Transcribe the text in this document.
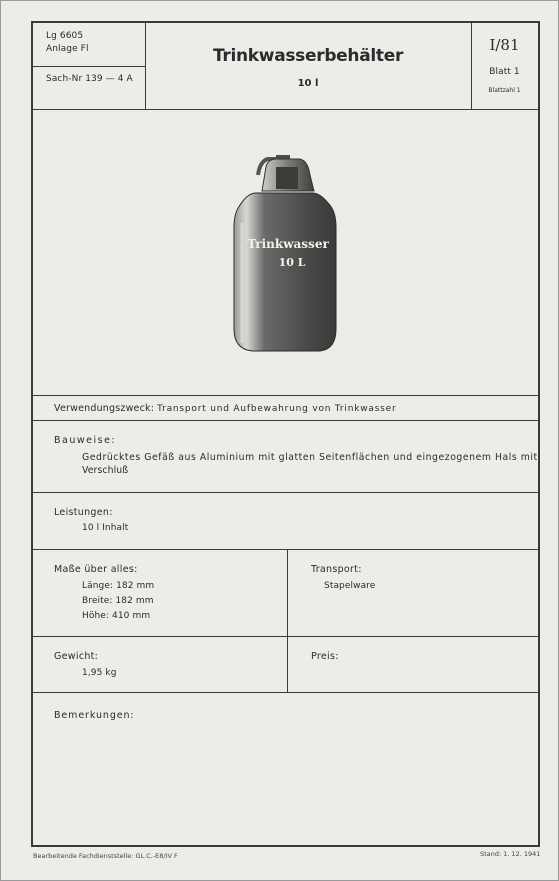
Lg 6605
Anlage Fl
Sach-Nr 139 — 4 A
Trinkwasserbehälter
10 l
I/81
Blatt 1
Blattzahl 1
Trinkwasser
10 L
Verwendungszweck: Transport und Aufbewahrung von Trinkwasser
Bauweise:
Gedrücktes Gefäß aus Aluminium mit glatten Seitenflächen und eingezogenem Hals mit
Verschluß
Leistungen:
10 l Inhalt
Maße über alles:
Länge: 182 mm
Breite: 182 mm
Höhe: 410 mm
Transport:
Stapelware
Gewicht:
1,95 kg
Preis:
Bemerkungen:
Bearbeitende Fachdienststelle: GL.C.-E8/IV F	Stand: 1. 12. 1941
